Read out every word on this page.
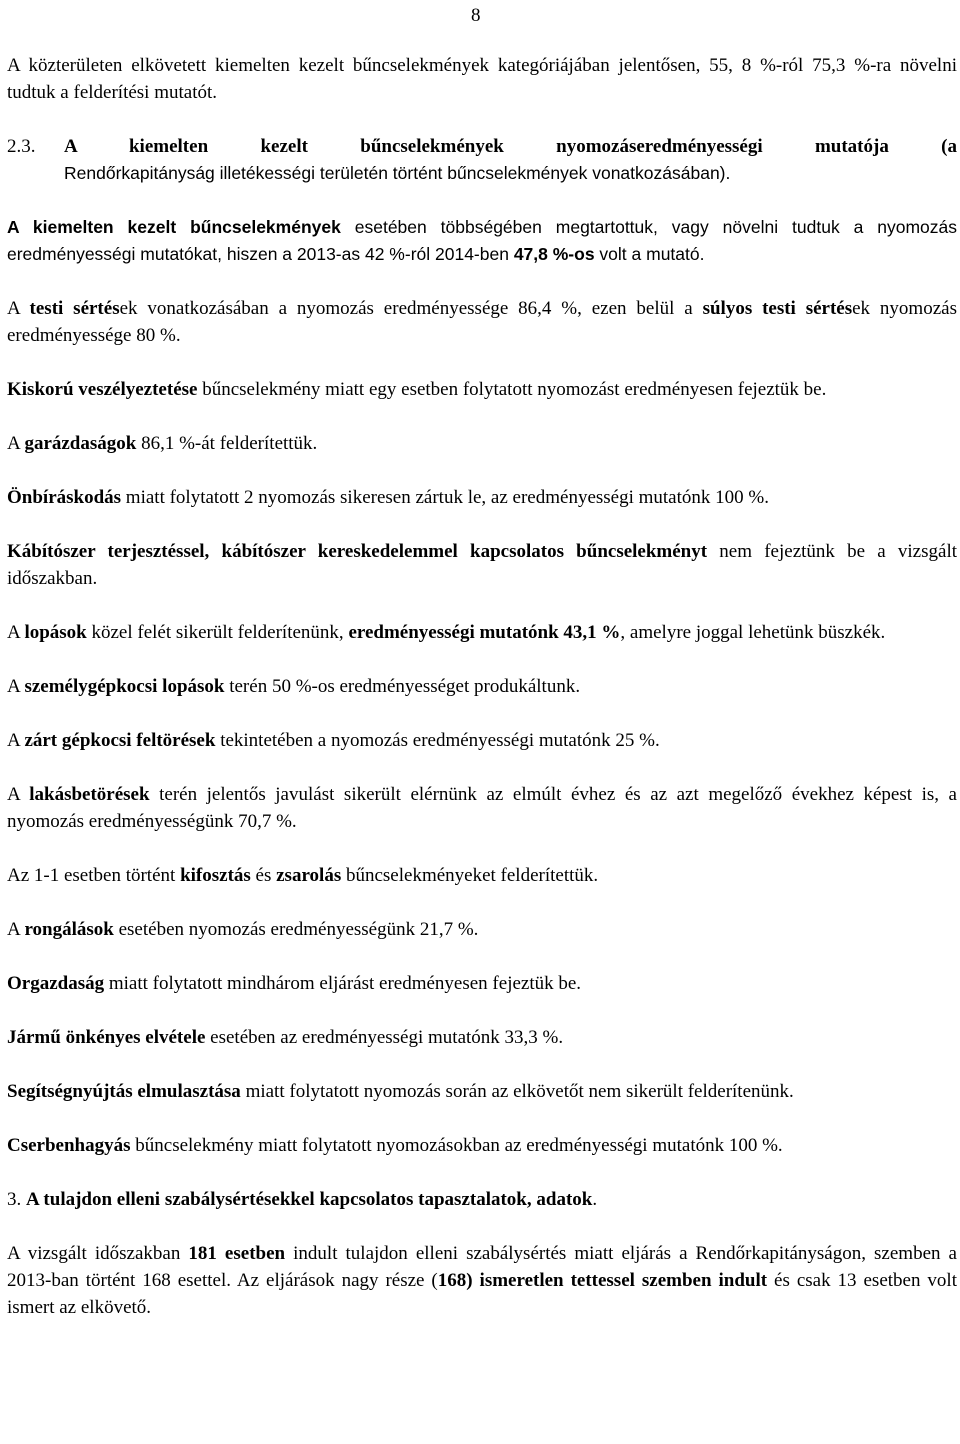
8

A közterületen elkövetett kiemelten kezelt bűncselekmények kategóriájában jelentősen, 55, 8 %-ról 75,3 %-ra növelni tudtuk a felderítési mutatót.

2.3.	A kiemelten kezelt bűncselekmények nyomozáseredményességi mutatója (a
Rendőrkapitányság illetékességi területén történt bűncselekmények vonatkozásában).

A kiemelten kezelt bűncselekmények esetében többségében megtartottuk, vagy növelni tudtuk a nyomozás eredményességi mutatókat, hiszen a 2013-as 42 %-ról 2014-ben 47,8 %-os volt a mutató.

A testi sértések vonatkozásában a nyomozás eredményessége 86,4 %, ezen belül a súlyos testi sértések nyomozás eredményessége 80 %.

Kiskorú veszélyeztetése bűncselekmény miatt egy esetben folytatott nyomozást eredményesen fejeztük be.

A garázdaságok 86,1 %-át felderítettük.

Önbíráskodás miatt folytatott 2 nyomozás sikeresen zártuk le, az eredményességi mutatónk 100 %.

Kábítószer terjesztéssel, kábítószer kereskedelemmel kapcsolatos bűncselekményt nem fejeztünk be a vizsgált időszakban.

A lopások közel felét sikerült felderítenünk, eredményességi mutatónk 43,1 %, amelyre joggal lehetünk büszkék.

A személygépkocsi lopások terén 50 %-os eredményességet produkáltunk.

A zárt gépkocsi feltörések tekintetében a nyomozás eredményességi mutatónk 25 %.

A lakásbetörések terén jelentős javulást sikerült elérnünk az elmúlt évhez és az azt megelőző évekhez képest is, a nyomozás eredményességünk 70,7 %.

Az 1-1 esetben történt kifosztás és zsarolás bűncselekményeket felderítettük.

A rongálások esetében nyomozás eredményességünk 21,7 %.

Orgazdaság miatt folytatott mindhárom eljárást eredményesen fejeztük be.

Jármű önkényes elvétele esetében az eredményességi mutatónk 33,3 %.

Segítségnyújtás elmulasztása miatt folytatott nyomozás során az elkövetőt nem sikerült felderítenünk.

Cserbenhagyás bűncselekmény miatt folytatott nyomozásokban az eredményességi mutatónk 100 %.

3. A tulajdon elleni szabálysértésekkel kapcsolatos tapasztalatok, adatok.

A vizsgált időszakban 181 esetben indult tulajdon elleni szabálysértés miatt eljárás a Rendőrkapitányságon, szemben a 2013-ban történt 168 esettel. Az eljárások nagy része (168) ismeretlen tettessel szemben indult és csak 13 esetben volt ismert az elkövető.
